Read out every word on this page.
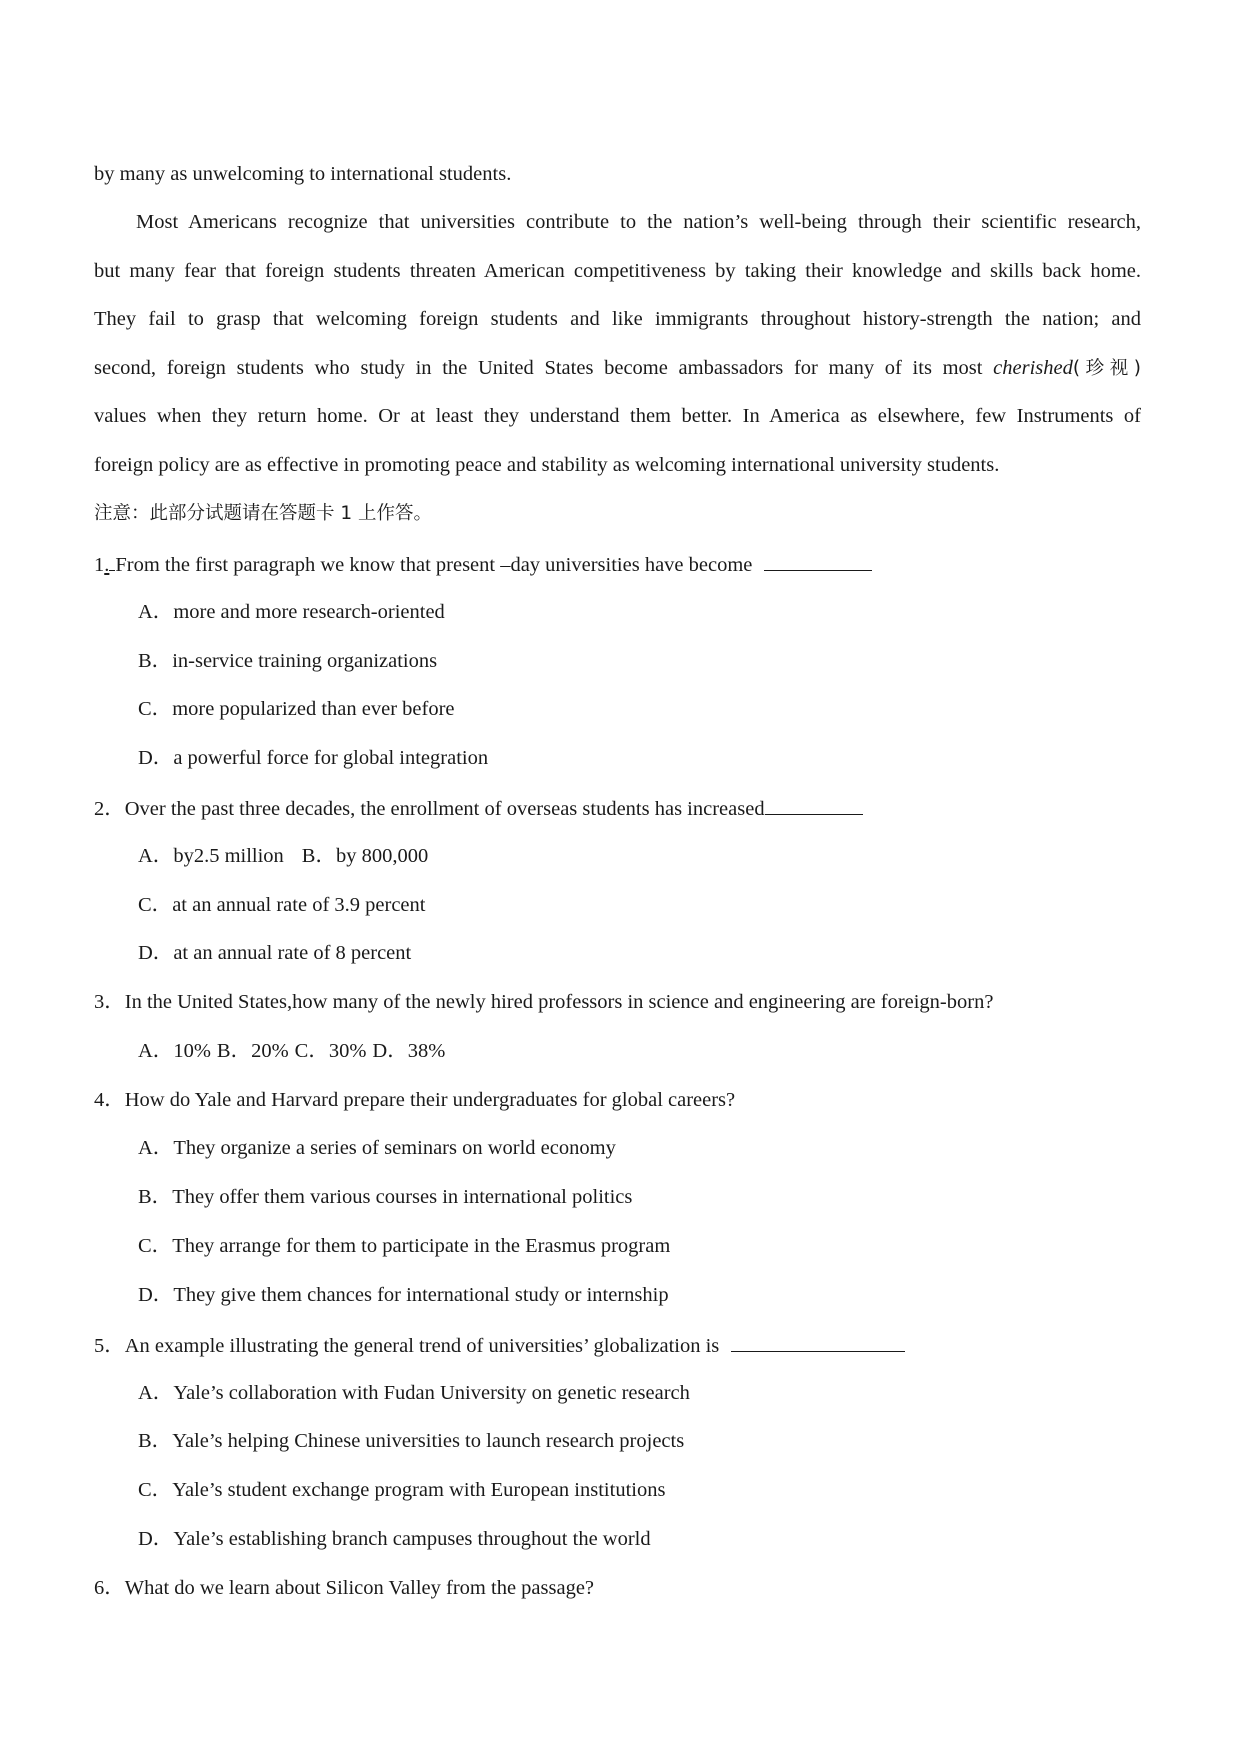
by many as unwelcoming to international students.
Most Americans recognize that universities contribute to the nation’s well-being through their scientific research,
but many fear that foreign students threaten American competitiveness by taking their knowledge and skills back home.
They fail to grasp that welcoming foreign students and like immigrants throughout history-strength the nation; and
second, foreign students who study in the United States become ambassadors for many of its most cherished(珍视)
values when they return home. Or at least they understand them better. In America as elsewhere, few Instruments of
foreign policy are as effective in promoting peace and stability as welcoming international university students.
注意：此部分试题请在答题卡 1 上作答。
1. From the first paragraph we know that present –day universities have become
A．more and more research-oriented
B．in-service training organizations
C．more popularized than ever before
D．a powerful force for global integration
2．Over the past three decades, the enrollment of overseas students has increased
A．by2.5 million B．by 800,000
C．at an annual rate of 3.9 percent
D．at an annual rate of 8 percent
3．In the United States,how many of the newly hired professors in science and engineering are foreign-born?
A．10% B．20% C．30% D．38%
4．How do Yale and Harvard prepare their undergraduates for global careers?
A．They organize a series of seminars on world economy
B．They offer them various courses in international politics
C．They arrange for them to participate in the Erasmus program
D．They give them chances for international study or internship
5．An example illustrating the general trend of universities’ globalization is
A．Yale’s collaboration with Fudan University on genetic research
B．Yale’s helping Chinese universities to launch research projects
C．Yale’s student exchange program with European institutions
D．Yale’s establishing branch campuses throughout the world
6．What do we learn about Silicon Valley from the passage?
